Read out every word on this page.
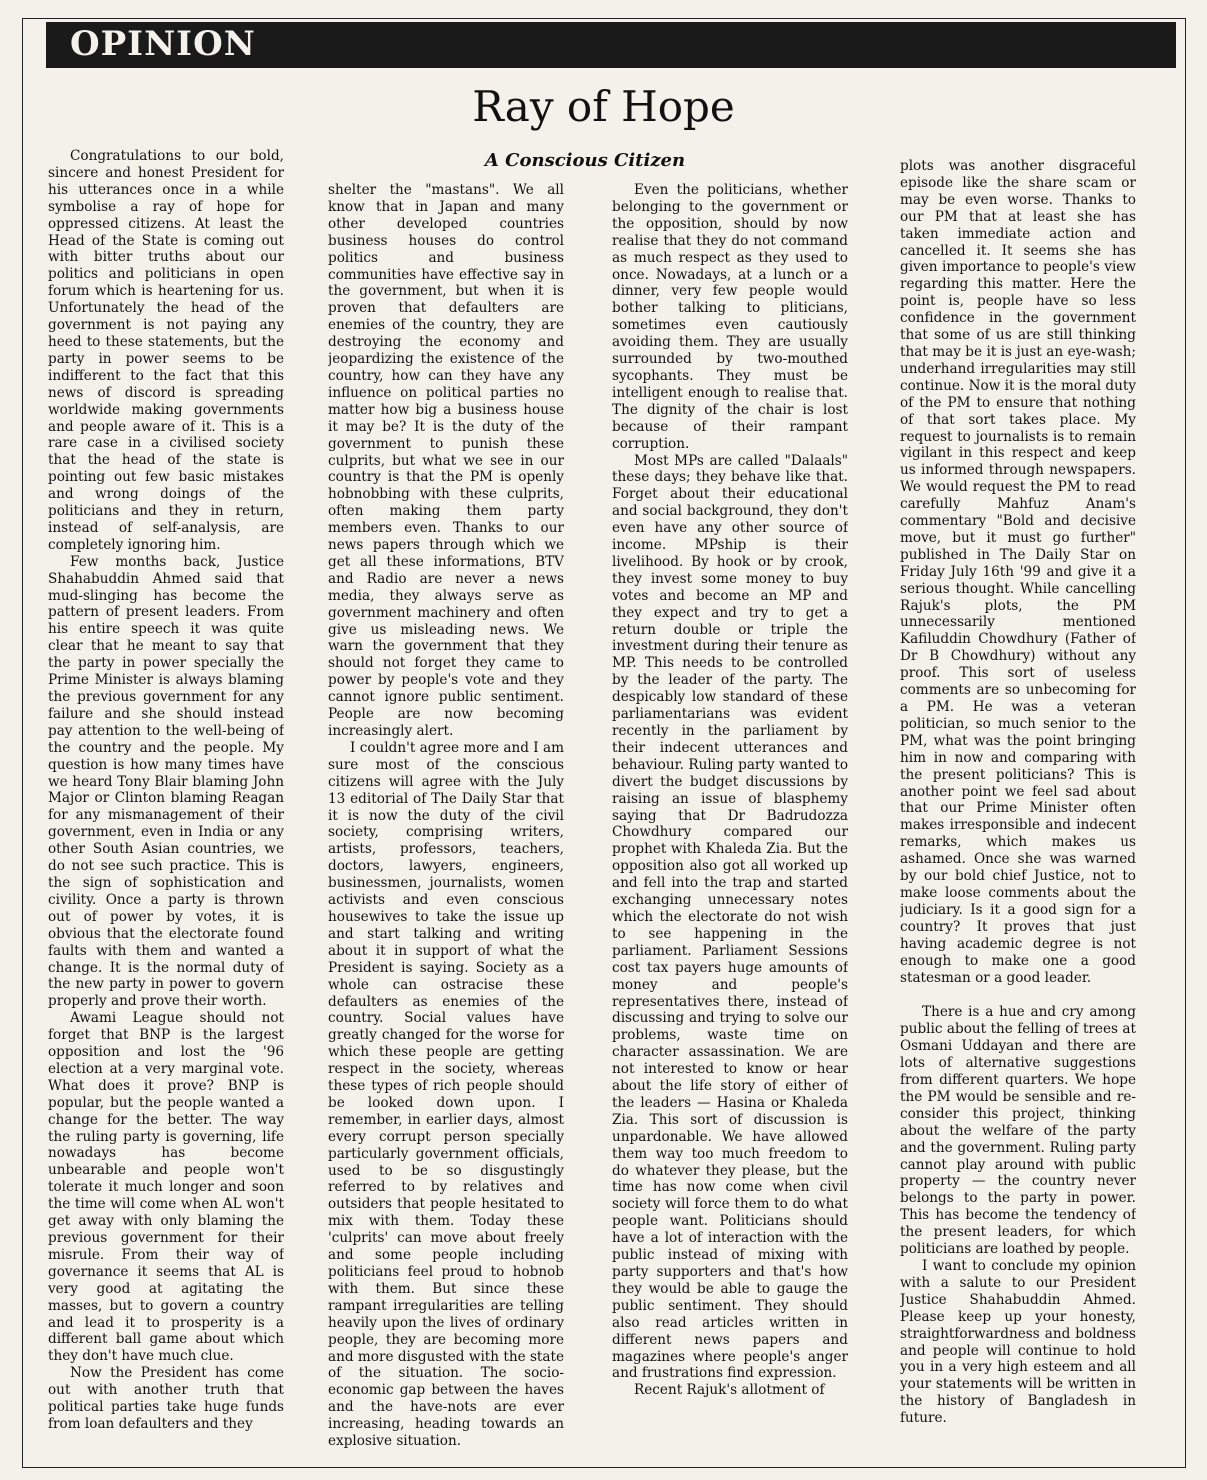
OPINION
Ray of Hope
A Conscious Citizen

Congratulations to our bold, sincere and honest President for his utterances once in a while symbolise a ray of hope for oppressed citizens. At least the Head of the State is coming out with bitter truths about our politics and politicians in open forum which is heartening for us. Unfortunately the head of the government is not paying any heed to these statements, but the party in power seems to be indifferent to the fact that this news of discord is spreading worldwide making governments and people aware of it. This is a rare case in a civilised society that the head of the state is pointing out few basic mistakes and wrong doings of the politicians and they in return, instead of self-analysis, are completely ignoring him.

Few months back, Justice Shahabuddin Ahmed said that mud-slinging has become the pattern of present leaders. From his entire speech it was quite clear that he meant to say that the party in power specially the Prime Minister is always blaming the previous government for any failure and she should instead pay attention to the well-being of the country and the people. My question is how many times have we heard Tony Blair blaming John Major or Clinton blaming Reagan for any mismanagement of their government, even in India or any other South Asian countries, we do not see such practice. This is the sign of sophistication and civility. Once a party is thrown out of power by votes, it is obvious that the electorate found faults with them and wanted a change. It is the normal duty of the new party in power to govern properly and prove their worth.

Awami League should not forget that BNP is the largest opposition and lost the '96 election at a very marginal vote. What does it prove? BNP is popular, but the people wanted a change for the better. The way the ruling party is governing, life nowadays has become unbearable and people won't tolerate it much longer and soon the time will come when AL won't get away with only blaming the previous government for their misrule. From their way of governance it seems that AL is very good at agitating the masses, but to govern a country and lead it to prosperity is a different ball game about which they don't have much clue.

Now the President has come out with another truth that political parties take huge funds from loan defaulters and they

shelter the "mastans". We all know that in Japan and many other developed countries business houses do control politics and business communities have effective say in the government, but when it is proven that defaulters are enemies of the country, they are destroying the economy and jeopardizing the existence of the country, how can they have any influence on political parties no matter how big a business house it may be? It is the duty of the government to punish these culprits, but what we see in our country is that the PM is openly hobnobbing with these culprits, often making them party members even. Thanks to our news papers through which we get all these informations, BTV and Radio are never a news media, they always serve as government machinery and often give us misleading news. We warn the government that they should not forget they came to power by people's vote and they cannot ignore public sentiment. People are now becoming increasingly alert.

I couldn't agree more and I am sure most of the conscious citizens will agree with the July 13 editorial of The Daily Star that it is now the duty of the civil society, comprising writers, artists, professors, teachers, doctors, lawyers, engineers, businessmen, journalists, women activists and even conscious housewives to take the issue up and start talking and writing about it in support of what the President is saying. Society as a whole can ostracise these defaulters as enemies of the country. Social values have greatly changed for the worse for which these people are getting respect in the society, whereas these types of rich people should be looked down upon. I remember, in earlier days, almost every corrupt person specially particularly government officials, used to be so disgustingly referred to by relatives and outsiders that people hesitated to mix with them. Today these 'culprits' can move about freely and some people including politicians feel proud to hobnob with them. But since these rampant irregularities are telling heavily upon the lives of ordinary people, they are becoming more and more disgusted with the state of the situation. The socio-economic gap between the haves and the have-nots are ever increasing, heading towards an explosive situation.

Even the politicians, whether belonging to the government or the opposition, should by now realise that they do not command as much respect as they used to once. Nowadays, at a lunch or a dinner, very few people would bother talking to pliticians, sometimes even cautiously avoiding them. They are usually surrounded by two-mouthed sycophants. They must be intelligent enough to realise that. The dignity of the chair is lost because of their rampant corruption.

Most MPs are called "Dalaals" these days; they behave like that. Forget about their educational and social background, they don't even have any other source of income. MPship is their livelihood. By hook or by crook, they invest some money to buy votes and become an MP and they expect and try to get a return double or triple the investment during their tenure as MP. This needs to be controlled by the leader of the party. The despicably low standard of these parliamentarians was evident recently in the parliament by their indecent utterances and behaviour. Ruling party wanted to divert the budget discussions by raising an issue of blasphemy saying that Dr Badrudozza Chowdhury compared our prophet with Khaleda Zia. But the opposition also got all worked up and fell into the trap and started exchanging unnecessary notes which the electorate do not wish to see happening in the parliament. Parliament Sessions cost tax payers huge amounts of money and people's representatives there, instead of discussing and trying to solve our problems, waste time on character assassination. We are not interested to know or hear about the life story of either of the leaders — Hasina or Khaleda Zia. This sort of discussion is unpardonable. We have allowed them way too much freedom to do whatever they please, but the time has now come when civil society will force them to do what people want. Politicians should have a lot of interaction with the public instead of mixing with party supporters and that's how they would be able to gauge the public sentiment. They should also read articles written in different news papers and magazines where people's anger and frustrations find expression.

Recent Rajuk's allotment of

plots was another disgraceful episode like the share scam or may be even worse. Thanks to our PM that at least she has taken immediate action and cancelled it. It seems she has given importance to people's view regarding this matter. Here the point is, people have so less confidence in the government that some of us are still thinking that may be it is just an eye-wash; underhand irregularities may still continue. Now it is the moral duty of the PM to ensure that nothing of that sort takes place. My request to journalists is to remain vigilant in this respect and keep us informed through newspapers. We would request the PM to read carefully Mahfuz Anam's commentary "Bold and decisive move, but it must go further" published in The Daily Star on Friday July 16th '99 and give it a serious thought. While cancelling Rajuk's plots, the PM unnecessarily mentioned Kafiluddin Chowdhury (Father of Dr B Chowdhury) without any proof. This sort of useless comments are so unbecoming for a PM. He was a veteran politician, so much senior to the PM, what was the point bringing him in now and comparing with the present politicians? This is another point we feel sad about that our Prime Minister often makes irresponsible and indecent remarks, which makes us ashamed. Once she was warned by our bold chief Justice, not to make loose comments about the judiciary. Is it a good sign for a country? It proves that just having academic degree is not enough to make one a good statesman or a good leader.

There is a hue and cry among public about the felling of trees at Osmani Uddayan and there are lots of alternative suggestions from different quarters. We hope the PM would be sensible and re-consider this project, thinking about the welfare of the party and the government. Ruling party cannot play around with public property — the country never belongs to the party in power. This has become the tendency of the present leaders, for which politicians are loathed by people.

I want to conclude my opinion with a salute to our President Justice Shahabuddin Ahmed. Please keep up your honesty, straightforwardness and boldness and people will continue to hold you in a very high esteem and all your statements will be written in the history of Bangladesh in future.
